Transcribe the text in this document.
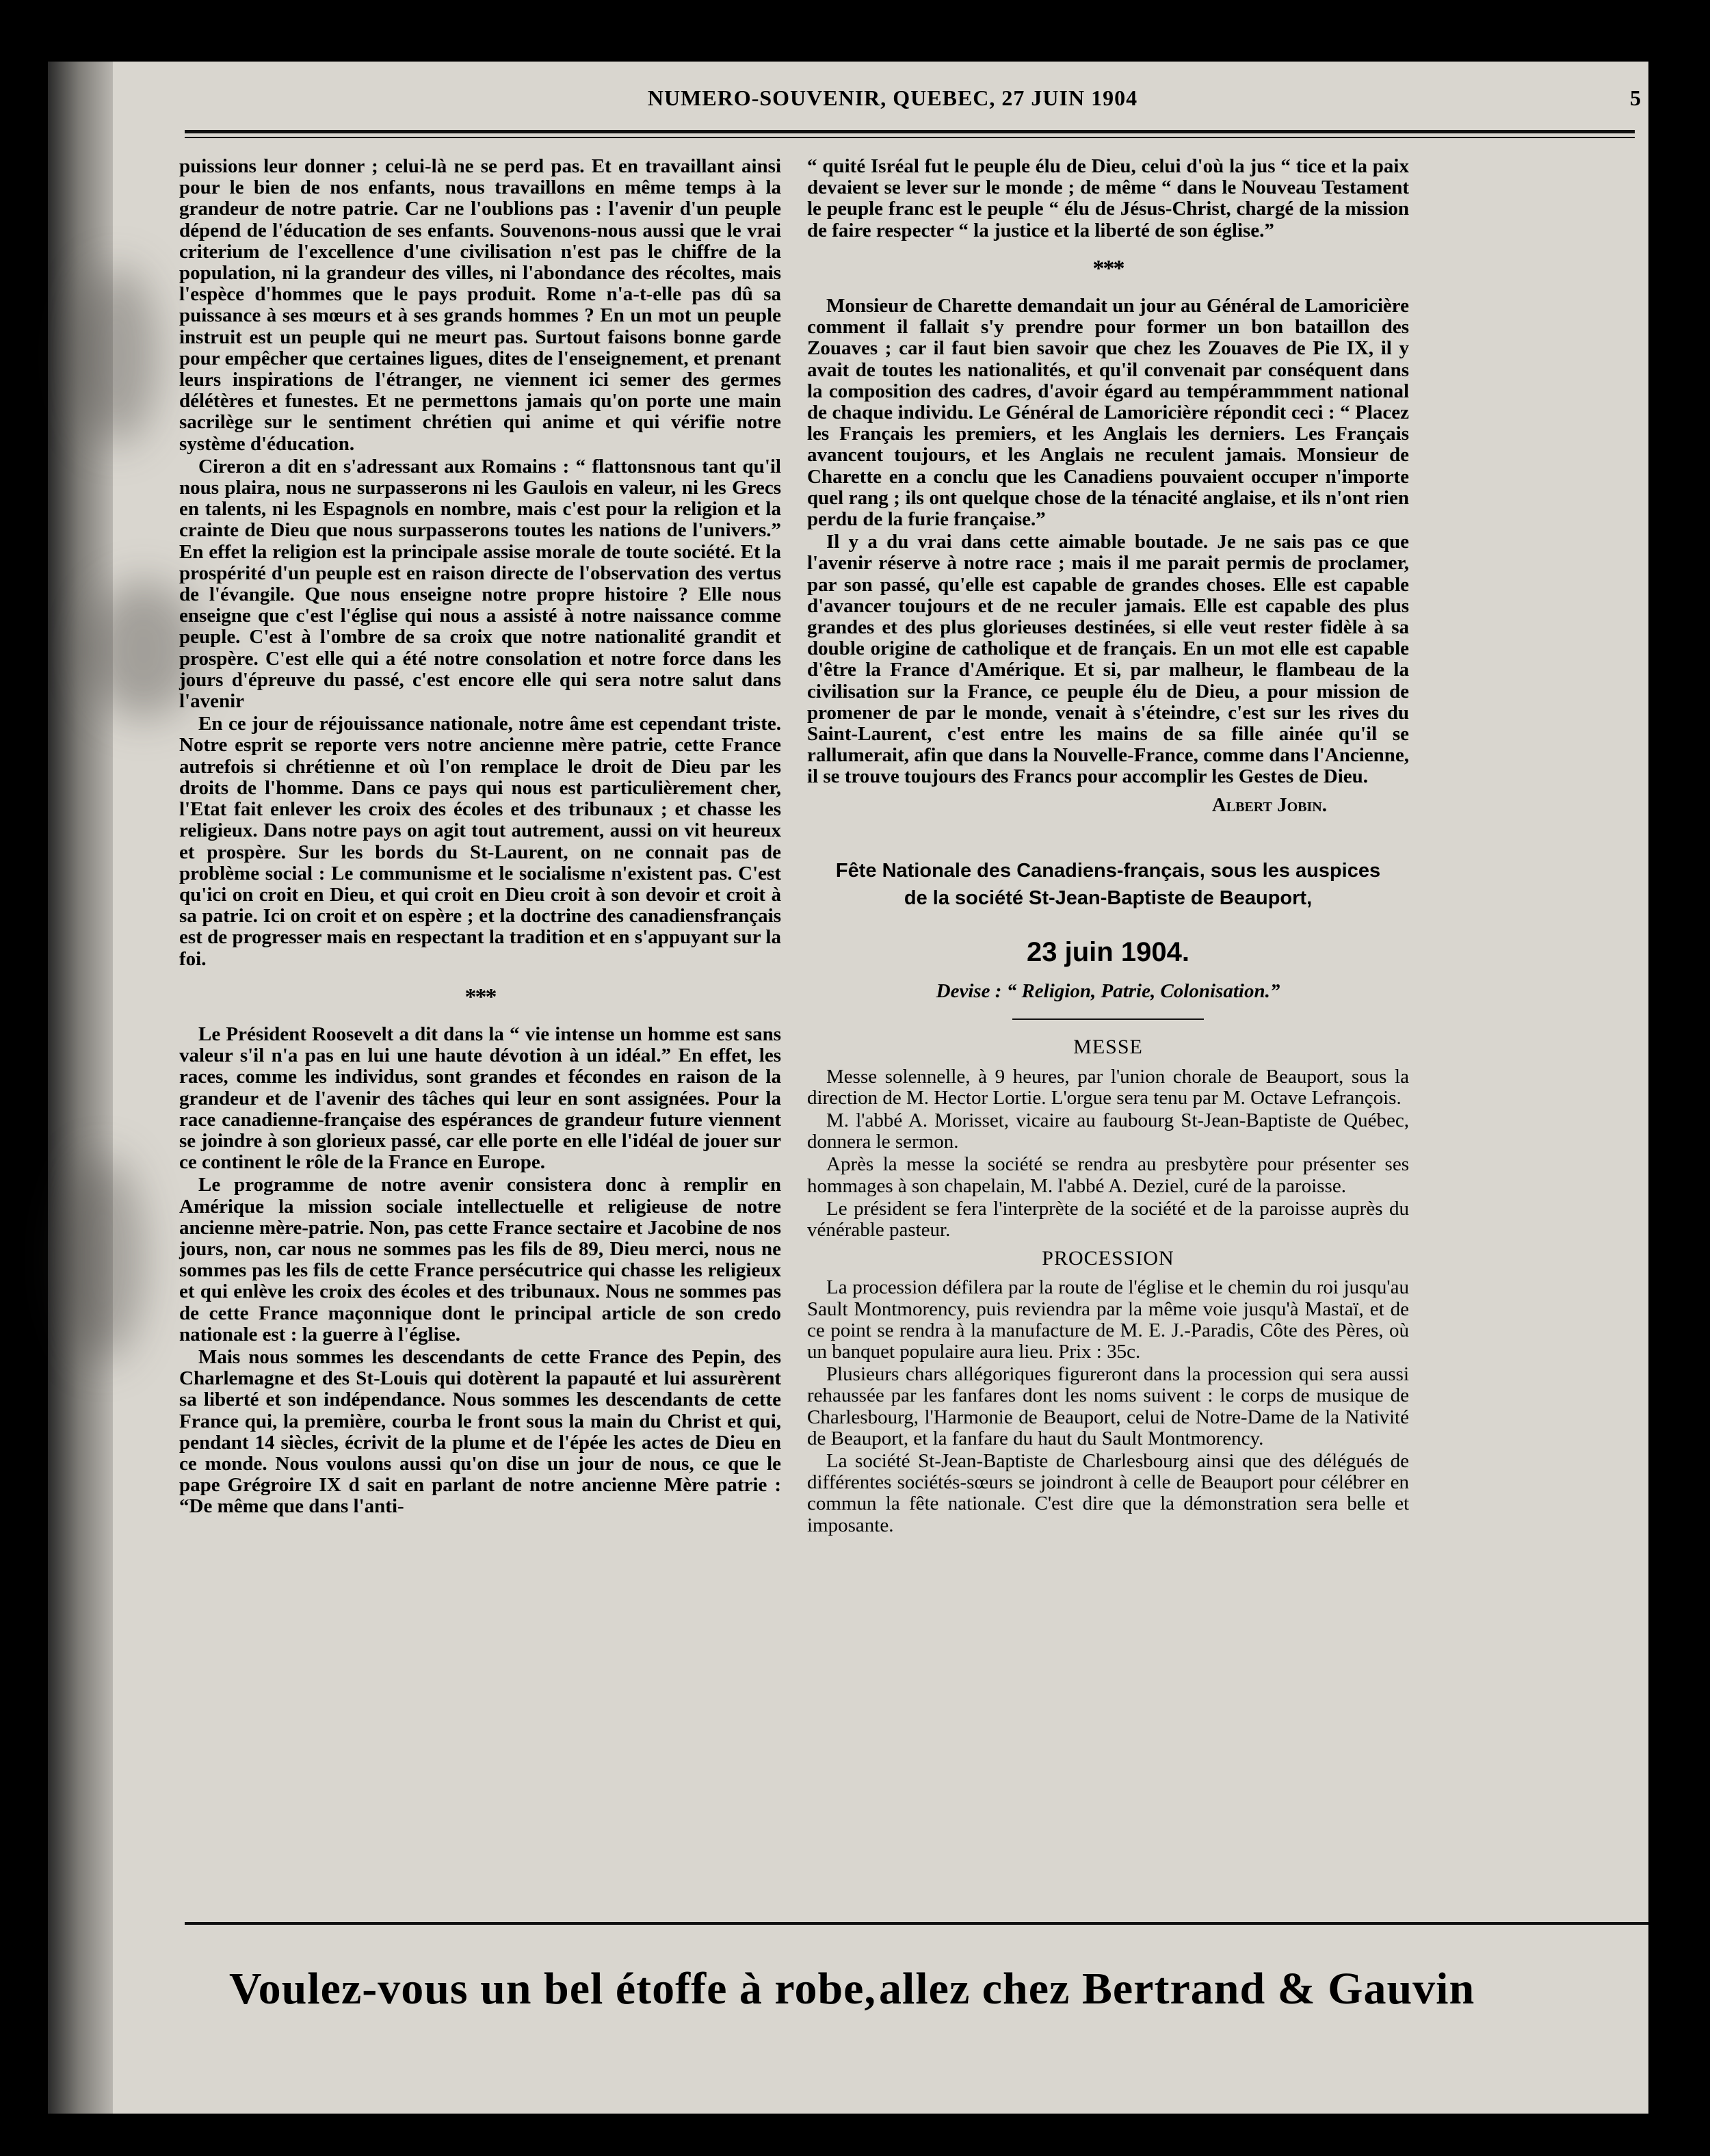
NUMERO-SOUVENIR, QUEBEC, 27 JUIN 1904	5

puissions leur donner ; celui-là ne se perd pas. Et en travaillant ainsi pour le bien de nos enfants, nous travaillons en même temps à la grandeur de notre patrie. Car ne l'oublions pas : l'avenir d'un peuple dépend de l'éducation de ses enfants. Souvenons-nous aussi que le vrai criterium de l'excellence d'une civilisation n'est pas le chiffre de la population, ni la grandeur des villes, ni l'abondance des récoltes, mais l'espèce d'hommes que le pays produit. Rome n'a-t-elle pas dû sa puissance à ses mœurs et à ses grands hommes ? En un mot un peuple instruit est un peuple qui ne meurt pas. Surtout faisons bonne garde pour empêcher que certaines ligues, dites de l'enseignement, et prenant leurs inspirations de l'étranger, ne viennent ici semer des germes délétères et funestes. Et ne permettons jamais qu'on porte une main sacrilège sur le sentiment chrétien qui anime et qui vérifie notre système d'éducation.

Cireron a dit en s'adressant aux Romains : “ flattonsnous tant qu'il nous plaira, nous ne surpasserons ni les Gaulois en valeur, ni les Grecs en talents, ni les Espagnols en nombre, mais c'est pour la religion et la crainte de Dieu que nous surpasserons toutes les nations de l'univers.” En effet la religion est la principale assise morale de toute société. Et la prospérité d'un peuple est en raison directe de l'observation des vertus de l'évangile. Que nous enseigne notre propre histoire ? Elle nous enseigne que c'est l'église qui nous a assisté à notre naissance comme peuple. C'est à l'ombre de sa croix que notre nationalité grandit et prospère. C'est elle qui a été notre consolation et notre force dans les jours d'épreuve du passé, c'est encore elle qui sera notre salut dans l'avenir

En ce jour de réjouissance nationale, notre âme est cependant triste. Notre esprit se reporte vers notre ancienne mère patrie, cette France autrefois si chrétienne et où l'on remplace le droit de Dieu par les droits de l'homme. Dans ce pays qui nous est particulièrement cher, l'Etat fait enlever les croix des écoles et des tribunaux ; et chasse les religieux. Dans notre pays on agit tout autrement, aussi on vit heureux et prospère. Sur les bords du St-Laurent, on ne connait pas de problème social : Le communisme et le socialisme n'existent pas. C'est qu'ici on croit en Dieu, et qui croit en Dieu croit à son devoir et croit à sa patrie. Ici on croit et on espère ; et la doctrine des canadiensfrançais est de progresser mais en respectant la tradition et en s'appuyant sur la foi.

***

Le Président Roosevelt a dit dans la “ vie intense un homme est sans valeur s'il n'a pas en lui une haute dévotion à un idéal.” En effet, les races, comme les individus, sont grandes et fécondes en raison de la grandeur et de l'avenir des tâches qui leur en sont assignées. Pour la race canadienne-française des espérances de grandeur future viennent se joindre à son glorieux passé, car elle porte en elle l'idéal de jouer sur ce continent le rôle de la France en Europe.

Le programme de notre avenir consistera donc à remplir en Amérique la mission sociale intellectuelle et religieuse de notre ancienne mère-patrie. Non, pas cette France sectaire et Jacobine de nos jours, non, car nous ne sommes pas les fils de 89, Dieu merci, nous ne sommes pas les fils de cette France persécutrice qui chasse les religieux et qui enlève les croix des écoles et des tribunaux. Nous ne sommes pas de cette France maçonnique dont le principal article de son credo nationale est : la guerre à l'église.

Mais nous sommes les descendants de cette France des Pepin, des Charlemagne et des St-Louis qui dotèrent la papauté et lui assurèrent sa liberté et son indépendance. Nous sommes les descendants de cette France qui, la première, courba le front sous la main du Christ et qui, pendant 14 siècles, écrivit de la plume et de l'épée les actes de Dieu en ce monde. Nous voulons aussi qu'on dise un jour de nous, ce que le pape Grégroire IX d sait en parlant de notre ancienne Mère patrie : “De même que dans l'anti-

“ quité Isréal fut le peuple élu de Dieu, celui d'où la jus “ tice et la paix devaient se lever sur le monde ; de même “ dans le Nouveau Testament le peuple franc est le peuple “ élu de Jésus-Christ, chargé de la mission de faire respecter “ la justice et la liberté de son église.”

***

Monsieur de Charette demandait un jour au Général de Lamoricière comment il fallait s'y prendre pour former un bon bataillon des Zouaves ; car il faut bien savoir que chez les Zouaves de Pie IX, il y avait de toutes les nationalités, et qu'il convenait par conséquent dans la composition des cadres, d'avoir égard au tempérammment national de chaque individu. Le Général de Lamoricière répondit ceci : “ Placez les Français les premiers, et les Anglais les derniers. Les Français avancent toujours, et les Anglais ne reculent jamais. Monsieur de Charette en a conclu que les Canadiens pouvaient occuper n'importe quel rang ; ils ont quelque chose de la ténacité anglaise, et ils n'ont rien perdu de la furie française.”

Il y a du vrai dans cette aimable boutade. Je ne sais pas ce que l'avenir réserve à notre race ; mais il me parait permis de proclamer, par son passé, qu'elle est capable de grandes choses. Elle est capable d'avancer toujours et de ne reculer jamais. Elle est capable des plus grandes et des plus glorieuses destinées, si elle veut rester fidèle à sa double origine de catholique et de français. En un mot elle est capable d'être la France d'Amérique. Et si, par malheur, le flambeau de la civilisation sur la France, ce peuple élu de Dieu, a pour mission de promener de par le monde, venait à s'éteindre, c'est sur les rives du Saint-Laurent, c'est entre les mains de sa fille ainée qu'il se rallumerait, afin que dans la Nouvelle-France, comme dans l'Ancienne, il se trouve toujours des Francs pour accomplir les Gestes de Dieu.

Albert Jobin.
Fête Nationale des Canadiens-français, sous les auspices
de la société St-Jean-Baptiste de Beauport,
23 juin 1904.
Devise : “ Religion, Patrie, Colonisation.”
MESSE

Messe solennelle, à 9 heures, par l'union chorale de Beauport, sous la direction de M. Hector Lortie. L'orgue sera tenu par M. Octave Lefrançois.

M. l'abbé A. Morisset, vicaire au faubourg St-Jean-Baptiste de Québec, donnera le sermon.

Après la messe la société se rendra au presbytère pour présenter ses hommages à son chapelain, M. l'abbé A. Deziel, curé de la paroisse.

Le président se fera l'interprète de la société et de la paroisse auprès du vénérable pasteur.

PROCESSION

La procession défilera par la route de l'église et le chemin du roi jusqu'au Sault Montmorency, puis reviendra par la même voie jusqu'à Mastaï, et de ce point se rendra à la manufacture de M. E. J.-Paradis, Côte des Pères, où un banquet populaire aura lieu. Prix : 35c.

Plusieurs chars allégoriques figureront dans la procession qui sera aussi rehaussée par les fanfares dont les noms suivent : le corps de musique de Charlesbourg, l'Harmonie de Beauport, celui de Notre-Dame de la Nativité de Beauport, et la fanfare du haut du Sault Montmorency.

La société St-Jean-Baptiste de Charlesbourg ainsi que des délégués de différentes sociétés-sœurs se joindront à celle de Beauport pour célébrer en commun la fête nationale. C'est dire que la démonstration sera belle et imposante.

Voulez-vous un bel étoffe à robe, allez chez Bertrand & Gauvin
